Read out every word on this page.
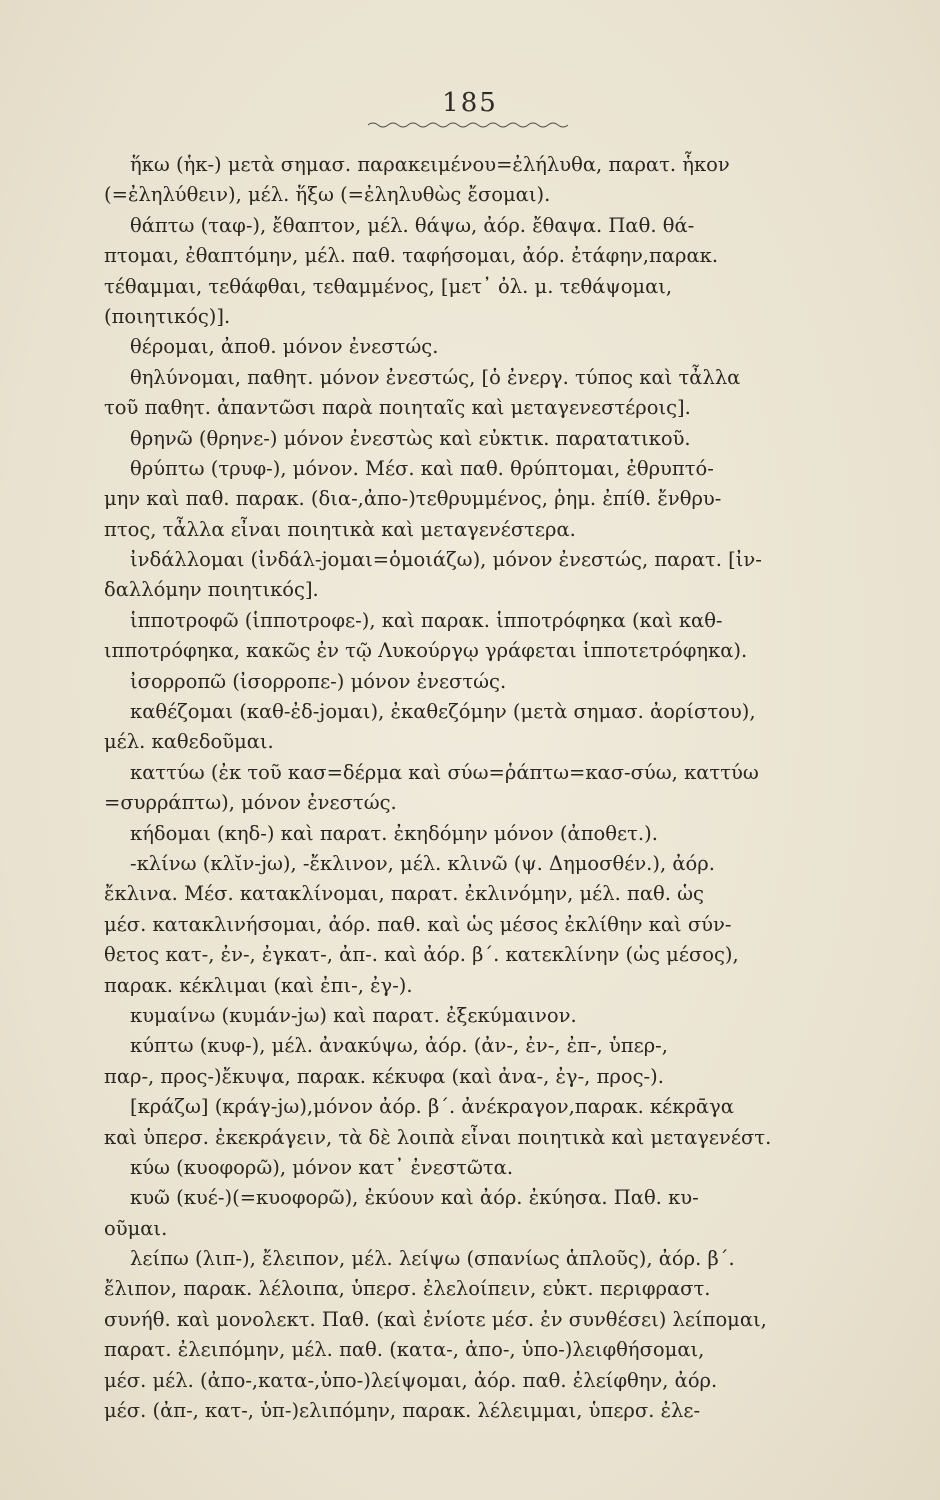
185
ἥκω (ἡκ-) μετὰ σημασ. παρακειμένου=ἐλήλυθα, παρατ. ἧκον
(=ἐληλύθειν), μέλ. ἥξω (=ἐληλυθὼς ἔσομαι).
θάπτω (ταφ-), ἔθαπτον, μέλ. θάψω, ἀόρ. ἔθαψα. Παθ. θά-
πτομαι, ἐθαπτόμην, μέλ. παθ. ταφήσομαι, ἀόρ. ἐτάφην,παρακ.
τέθαμμαι, τεθάφθαι, τεθαμμένος, [μετ᾽ ὀλ. μ. τεθάψομαι,
(ποιητικός)].
θέρομαι, ἀποθ. μόνον ἐνεστώς.
θηλύνομαι, παθητ. μόνον ἐνεστώς, [ὁ ἐνεργ. τύπος καὶ τἆλλα
τοῦ παθητ. ἀπαντῶσι παρὰ ποιηταῖς καὶ μεταγενεστέροις].
θρηνῶ (θρηνε-) μόνον ἐνεστὼς καὶ εὐκτικ. παρατατικοῦ.
θρύπτω (τρυφ-), μόνον. Μέσ. καὶ παθ. θρύπτομαι, ἐθρυπτό-
μην καὶ παθ. παρακ. (δια-,ἀπο-)τεθρυμμένος, ῥημ. ἐπίθ. ἔνθρυ-
πτος, τἆλλα εἶναι ποιητικὰ καὶ μεταγενέστερα.
ἰνδάλλομαι (ἰνδάλ-jομαι=ὁμοιάζω), μόνον ἐνεστώς, παρατ. [ἰν-
δαλλόμην ποιητικός].
ἱπποτροφῶ (ἱπποτροφε-), καὶ παρακ. ἱπποτρόφηκα (καὶ καθ-
ιπποτρόφηκα, κακῶς ἐν τῷ Λυκούργῳ γράφεται ἱπποτετρόφηκα).
ἰσορροπῶ (ἰσορροπε-) μόνον ἐνεστώς.
καθέζομαι (καθ-ἐδ-jομαι), ἐκαθεζόμην (μετὰ σημασ. ἀορίστου),
μέλ. καθεδοῦμαι.
καττύω (ἐκ τοῦ κασ=δέρμα καὶ σύω=ῥάπτω=κασ-σύω, καττύω
=συρράπτω), μόνον ἐνεστώς.
κήδομαι (κηδ-) καὶ παρατ. ἐκηδόμην μόνον (ἀποθετ.).
-κλίνω (κλῐν-jω), -ἔκλινον, μέλ. κλινῶ (ψ. Δημοσθέν.), ἀόρ.
ἔκλινα. Μέσ. κατακλίνομαι, παρατ. ἐκλινόμην, μέλ. παθ. ὡς
μέσ. κατακλινήσομαι, ἀόρ. παθ. καὶ ὡς μέσος ἐκλίθην καὶ σύν-
θετος κατ-, ἐν-, ἐγκατ-, ἀπ-. καὶ ἀόρ. β΄. κατεκλίνην (ὡς μέσος),
παρακ. κέκλιμαι (καὶ ἐπι-, ἐγ-).
κυμαίνω (κυμάν-jω) καὶ παρατ. ἐξεκύμαινον.
κύπτω (κυφ-), μέλ. ἀνακύψω, ἀόρ. (ἀν-, ἐν-, ἐπ-, ὑπερ-,
παρ-, προς-)ἔκυψα, παρακ. κέκυφα (καὶ ἀνα-, ἐγ-, προς-).
[κράζω] (κράγ-jω),μόνον ἀόρ. β΄. ἀνέκραγον,παρακ. κέκρᾱγα
καὶ ὑπερσ. ἐκεκράγειν, τὰ δὲ λοιπὰ εἶναι ποιητικὰ καὶ μεταγενέστ.
κύω (κυοφορῶ), μόνον κατ᾽ ἐνεστῶτα.
κυῶ (κυέ-)(=κυοφορῶ), ἐκύουν καὶ ἀόρ. ἐκύησα. Παθ. κυ-
οῦμαι.
λείπω (λιπ-), ἔλειπον, μέλ. λείψω (σπανίως ἁπλοῦς), ἀόρ. β΄.
ἔλιπον, παρακ. λέλοιπα, ὑπερσ. ἐλελοίπειν, εὐκτ. περιφραστ.
συνήθ. καὶ μονολεκτ. Παθ. (καὶ ἐνίοτε μέσ. ἐν συνθέσει) λείπομαι,
παρατ. ἐλειπόμην, μέλ. παθ. (κατα-, ἀπο-, ὑπο-)λειφθήσομαι,
μέσ. μέλ. (ἀπο-,κατα-,ὑπο-)λείψομαι, ἀόρ. παθ. ἐλείφθην, ἀόρ.
μέσ. (ἀπ-, κατ-, ὑπ-)ελιπόμην, παρακ. λέλειμμαι, ὑπερσ. ἐλε-
